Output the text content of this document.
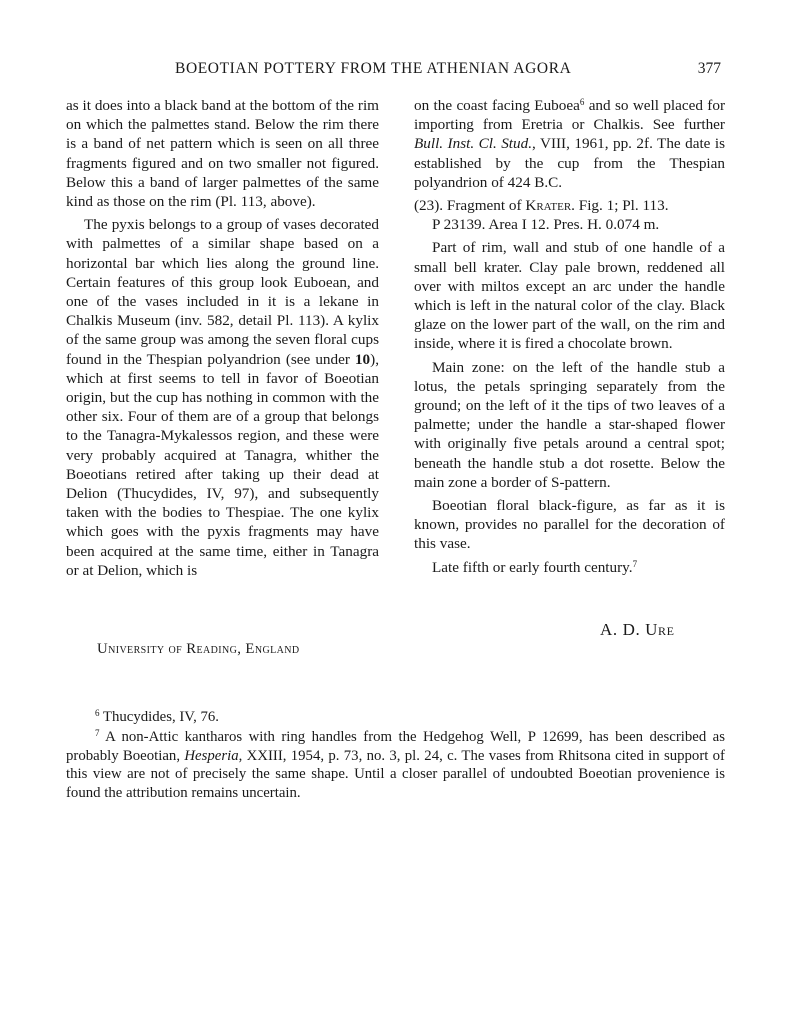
BOEOTIAN POTTERY FROM THE ATHENIAN AGORA	377

as it does into a black band at the bottom of the rim on which the palmettes stand. Below the rim there is a band of net pattern which is seen on all three fragments figured and on two smaller not figured. Below this a band of larger palmettes of the same kind as those on the rim (Pl. 113, above).

The pyxis belongs to a group of vases decorated with palmettes of a similar shape based on a horizontal bar which lies along the ground line. Certain features of this group look Euboean, and one of the vases included in it is a lekane in Chalkis Museum (inv. 582, detail Pl. 113). A kylix of the same group was among the seven floral cups found in the Thespian polyandrion (see under 10), which at first seems to tell in favor of Boeotian origin, but the cup has nothing in common with the other six. Four of them are of a group that belongs to the Tanagra-Mykalessos region, and these were very probably acquired at Tanagra, whither the Boeotians retired after taking up their dead at Delion (Thucydides, IV, 97), and subsequently taken with the bodies to Thespiae. The one kylix which goes with the pyxis fragments may have been acquired at the same time, either in Tanagra or at Delion, which is

on the coast facing Euboea$^6$ and so well placed for importing from Eretria or Chalkis. See further Bull. Inst. Cl. Stud., VIII, 1961, pp. 2f. The date is established by the cup from the Thespian polyandrion of 424 B.C.

(23). Fragment of Krater. Fig. 1; Pl. 113.

P 23139. Area I 12. Pres. H. 0.074 m.

Part of rim, wall and stub of one handle of a small bell krater. Clay pale brown, reddened all over with miltos except an arc under the handle which is left in the natural color of the clay. Black glaze on the lower part of the wall, on the rim and inside, where it is fired a chocolate brown.

Main zone: on the left of the handle stub a lotus, the petals springing separately from the ground; on the left of it the tips of two leaves of a palmette; under the handle a star-shaped flower with originally five petals around a central spot; beneath the handle stub a dot rosette. Below the main zone a border of S-pattern.

Boeotian floral black-figure, as far as it is known, provides no parallel for the decoration of this vase.

Late fifth or early fourth century.$^7$

A. D. Ure
University of Reading, England

$^6$ Thucydides, IV, 76.

$^7$ A non-Attic kantharos with ring handles from the Hedgehog Well, P 12699, has been described as probably Boeotian, Hesperia, XXIII, 1954, p. 73, no. 3, pl. 24, c. The vases from Rhitsona cited in support of this view are not of precisely the same shape. Until a closer parallel of undoubted Boeotian provenience is found the attribution remains uncertain.
